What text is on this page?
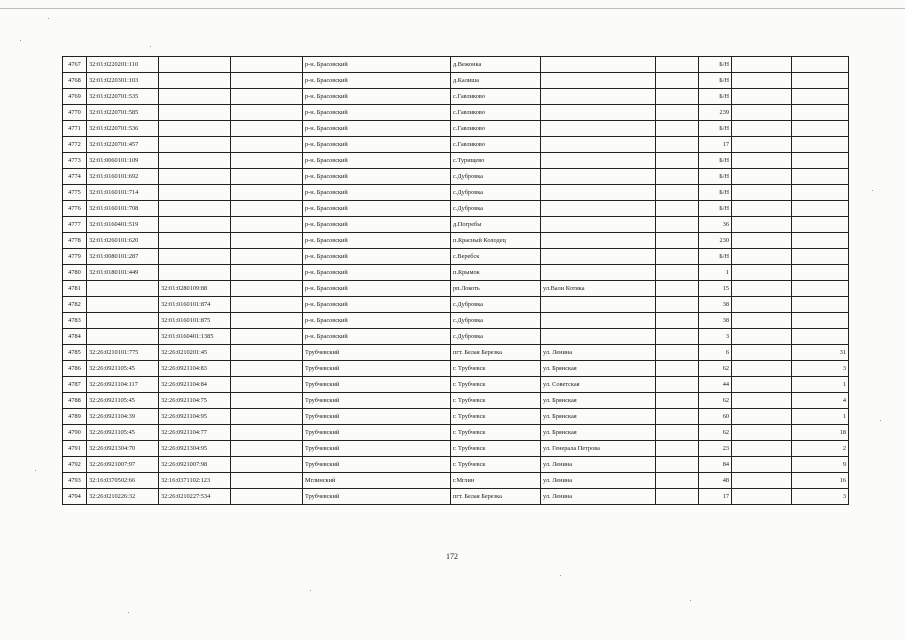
4767	32:01:0220201:110			р-н. Брасовский	д.Вежонка			Б/Н		
4768	32:01:0220301:103			р-н. Брасовский	д.Калиша			Б/Н		
4769	32:01:0220701:535			р-н. Брасовский	с.Гавликово			Б/Н		
4770	32:01:0220701:585			р-н. Брасовский	с.Гавликово			239		
4771	32:01:0220701:536			р-н. Брасовский	с.Гавликово			Б/Н		
4772	32:01:0220701:457			р-н. Брасовский	с.Гавликово			17		
4773	32:01:0060101:109			р-н. Брасовский	с.Турищево			Б/Н		
4774	32:01:0160101:692			р-н. Брасовский	с.Дубровка			Б/Н		
4775	32:01:0160101:714			р-н. Брасовский	с.Дубровка			Б/Н		
4776	32:01:0160101:708			р-н. Брасовский	с.Дубровка			Б/Н		
4777	32:01:0160401:519			р-н. Брасовский	д.Погребы			36		
4778	32:01:0260101:620			р-н. Брасовский	п.Красный Колодец			230		
4779	32:01:0080101:287			р-н. Брасовский	с.Веребск			Б/Н		
4780	32:01:0180101:449			р-н. Брасовский	п.Крымок			1		
4781		32:01:0280109:88		р-н. Брасовский	рп.Локоть	ул.Вали Котика		15		
4782		32:01:0160101:874		р-н. Брасовский	с.Дубровка			38		
4783		32:01:0160101:875		р-н. Брасовский	с.Дубровка			38		
4784		32:01:0160401:1385		р-н. Брасовский	с.Дубровка			3		
4785	32:26:0210101:775	32:26:0210201:45		Трубчевский	пгт. Белая Березка	ул. Ленина		6		31
4786	32:26:0921105:45	32:26:0921104:83		Трубчевский	г. Трубчевск	ул. Брянская		62		3
4787	32:26:0921104:117	32:26:0921104:84		Трубчевский	г. Трубчевск	ул. Советская		44		1
4788	32:26:0921105:45	32:26:0921104:75		Трубчевский	г. Трубчевск	ул. Брянская		62		4
4789	32:26:0921104:39	32:26:0921104:95		Трубчевский	г. Трубчевск	ул. Брянская		60		1
4790	32:26:0921105:45	32:26:0921104:77		Трубчевский	г. Трубчевск	ул. Брянская		62		18
4791	32:26:0921304:70	32:26:0921304:95		Трубчевский	г. Трубчевск	ул. Генерала Петрова		23		2
4792	32:26:0921007:97	32:26:0921007:98		Трубчевский	г. Трубчевск	ул. Ленина		84		9
4793	32:16:0370502:66	32:16:0371102:123		Мглинский	г.Мглин	ул. Ленина		48		16
4794	32:26:0210226:32	32:26:0210227:534		Трубчевский	пгт. Белая Березка	ул. Ленина		17		3
172
